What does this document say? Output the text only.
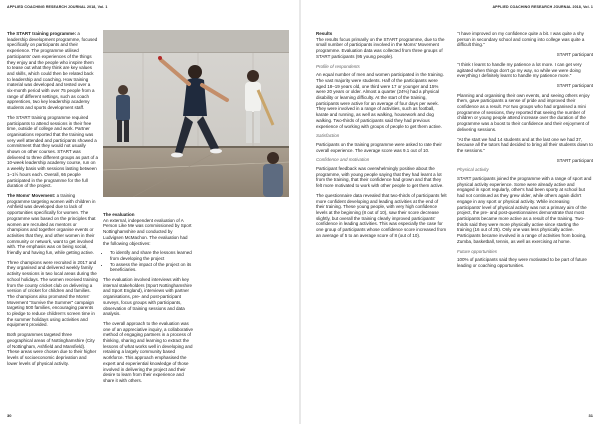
APPLIED COACHING RESEARCH JOURNAL 2018, Vol. 1

The START training programme: a leadership development programme, focused specifically on participants and their experience. The programme utilised participants' own experiences of the things they enjoy and the people who inspire them to tease out what they think are key values and skills, which could then be related back to leadership and coaching. How training material was developed and tested over a six-month period with over 75 people from a range of different settings, such as coach apprentices, two key leadership academy students and sports development staff.

The START training programme required participants to attend sessions in their free time, outside of college and work. Partner organisations reported that the training was very well attended and participants showed a commitment that they would not usually shown on other courses. START was delivered to three different groups as part of a 10-week leadership academy course, run on a weekly basis with sessions lasting between 1–1½ hours each. Overall, 66 people participated in the programme for the full duration of the project.

The Moms' Movement: a training programme targeting women with children in Ashfield was developed due to lack of opportunities specifically for women. The programme was based on the principles that women are recruited as mentors or champions and together organise events or activities that they, and other women in their community or network, want to get involved with. The emphasis was on being social, friendly and having fun, while getting active.

Three champions were recruited in 2017 and they organised and delivered weekly family activity sessions in two local areas during the school holidays. The women received training from the county cricket club on delivering a version of cricket for children and families. The champions also promoted the Moms' Movement "Survive the Summer" campaign targeting 500 families, encouraging parents to pledge to reduce children's screen time in the summer holidays using activities and equipment provided.

Both programmes targeted three geographical areas of Nottinghamshire (City of Nottingham, Ashfield and Mansfield). These areas were chosen due to their higher levels of socioeconomic deprivation and lower levels of physical activity.

The evaluation

An external, independent evaluation of A Person Like Me was commissioned by Sport Nottinghamshire and conducted by Ludvigsen McMachon. The evaluation had the following objectives:

• To identify and share the lessons learned from developing the project
• To assess the impact of the project on its beneficiaries.

The evaluation involved interviews with key internal stakeholders (Sport Nottinghamshire and Sport England), interviews with partner organisations, pre- and post-participant surveys, focus groups with participants, observation of training sessions and data analysis.

The overall approach to the evaluation was one of an appreciative inquiry, a collaborative method of engaging partners in a process of thinking, sharing and learning to extract the lessons of what works well in developing and retaining a largely community based workforce. This approach emphasised the expert and experiential knowledge of those involved in delivering the project and their desire to learn from their experience and share it with others.

30
APPLIED COACHING RESEARCH JOURNAL 2018, Vol. 1
Results

The results focus primarily on the START programme, due to the small number of participants involved in the Moms' Movement programme. Evaluation data was collected from three groups of START participants (95 young people).

Profile of respondents

An equal number of men and women participated in the training. The vast majority were students. Half of the participants were aged 18–19 years old, one third were 17 or younger and 15% were 20 years or older. Almost a quarter (24%) had a physical disability or learning difficulty. At the start of the training, participants were active for an average of four days per week. They were involved in a range of activities, such as football, karate and running, as well as walking, housework and dog walking. Two-thirds of participants said they had previous experience of working with groups of people to get them active.

Satisfaction

Participants on the training programme were asked to rate their overall experience. The average score was 9.1 out of 10.

Confidence and motivation

Participant feedback was overwhelmingly positive about the programme, with young people saying that they had learnt a lot from the training, that their confidence had grown and that they felt more motivated to work with other people to get them active.

The questionnaire data revealed that two-thirds of participants felt more confident developing and leading activities at the end of their training. These young people, with very high confidence levels at the beginning (8 out of 10), saw their score decrease slightly, but overall the training clearly improved participants' confidence in leading activities. This was especially the case for one group of participants whose confidence score increased from an average of 5 to an average score of 8 (out of 10).

"I have improved on my confidence quite a bit. I was quite a shy person in secondary school and coming into college was quite a difficult thing."

START participant

"I think I learnt to handle my patience a lot more. I can get very agitated when things don't go my way, so while we were doing everything I definitely learnt to handle my patience more."

START participant

Planning and organising their own events, and seeing others enjoy them, gave participants a sense of pride and improved their confidence as a result. For two groups who had organised a mini programme of sessions, they reported that seeing the number of children or young people attend increase over the duration of the programme was a boost to their confidence and their enjoyment of delivering sessions.

"At the start we had 14 students and at the last one we had 37, because all the tutors had decided to bring all their students down to the sessions."

START participant

Physical activity

START participants joined the programme with a range of sport and physical activity experience. Some were already active and engaged in sport regularly, other's had been sporty at school but had not continued as they grew older, while others again didn't engage in any sport or physical activity. While increasing participants' level of physical activity was not a primary aim of the project, the pre- and post-questionnaires demonstrate that most participants became more active as a result of the training. Two-thirds said they were more physically active since starting the training (16 out of 25). Only one was less physically active. Participants became involved in a range of activities from boxing, Zumba, basketball, tennis, as well as exercising at home.

Future opportunities

100% of participants said they were motivated to be part of future leading or coaching opportunities.

31
